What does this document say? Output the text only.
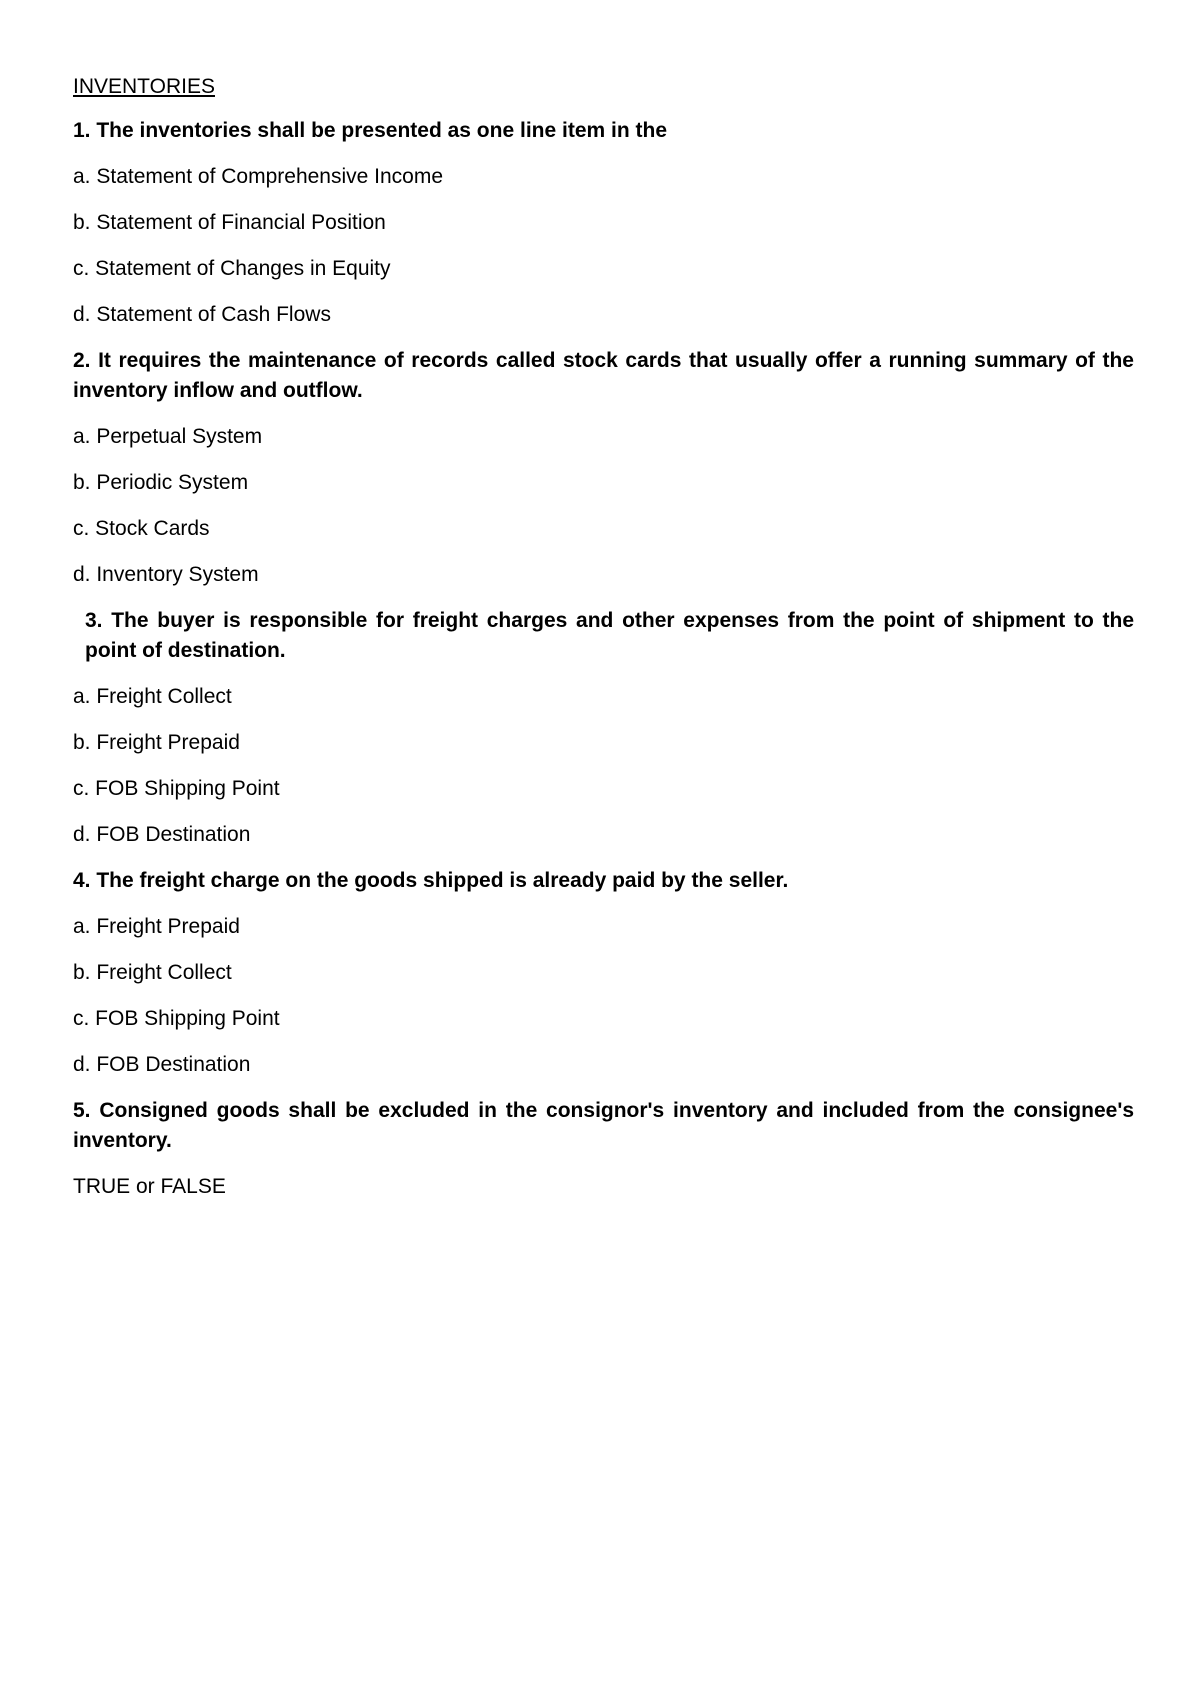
INVENTORIES
1. The inventories shall be presented as one line item in the
a. Statement of Comprehensive Income
b. Statement of Financial Position
c. Statement of Changes in Equity
d. Statement of Cash Flows
2. It requires the maintenance of records called stock cards that usually offer a running summary of the inventory inflow and outflow.
a. Perpetual System
b. Periodic System
c. Stock Cards
d. Inventory System
3. The buyer is responsible for freight charges and other expenses from the point of shipment to the point of destination.
a. Freight Collect
b. Freight Prepaid
c. FOB Shipping Point
d. FOB Destination
4. The freight charge on the goods shipped is already paid by the seller.
a. Freight Prepaid
b. Freight Collect
c. FOB Shipping Point
d. FOB Destination
5. Consigned goods shall be excluded in the consignor's inventory and included from the consignee's inventory.
TRUE or FALSE
